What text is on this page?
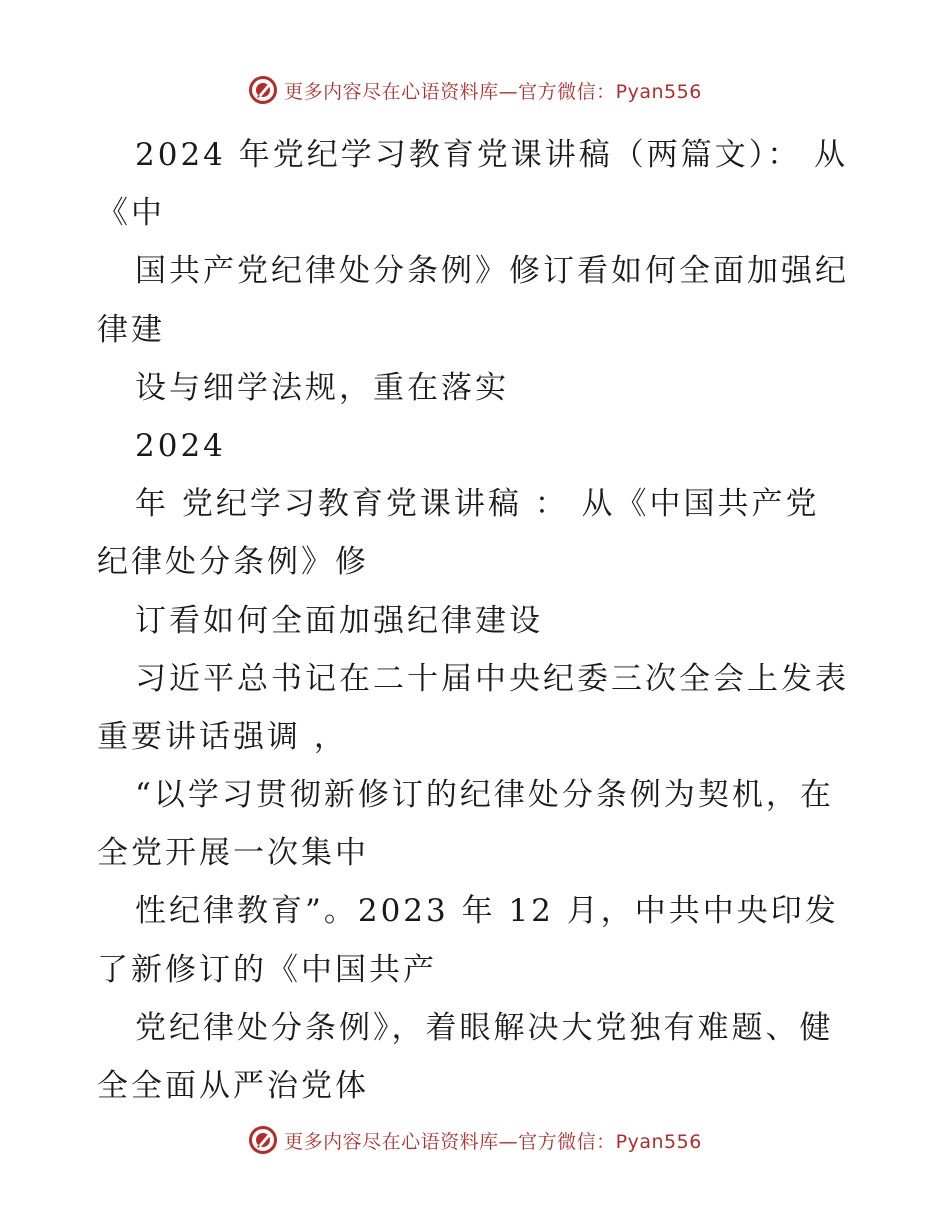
更多内容尽在心语资料库—官方微信：Pyan556
2024 年党纪学习教育党课讲稿（两篇文）： 从
《中
国共产党纪律处分条例》修订看如何全面加强纪
律建
设与细学法规，重在落实
2024
年 党纪学习教育党课讲稿 ： 从《中国共产党
纪律处分条例》修
订看如何全面加强纪律建设
习近平总书记在二十届中央纪委三次全会上发表
重要讲话强调 ，
“以学习贯彻新修订的纪律处分条例为契机，在
全党开展一次集中
性纪律教育”。2023 年 12 月，中共中央印发
了新修订的《中国共产
党纪律处分条例》，着眼解决大党独有难题、健
全全面从严治党体
更多内容尽在心语资料库—官方微信：Pyan556
